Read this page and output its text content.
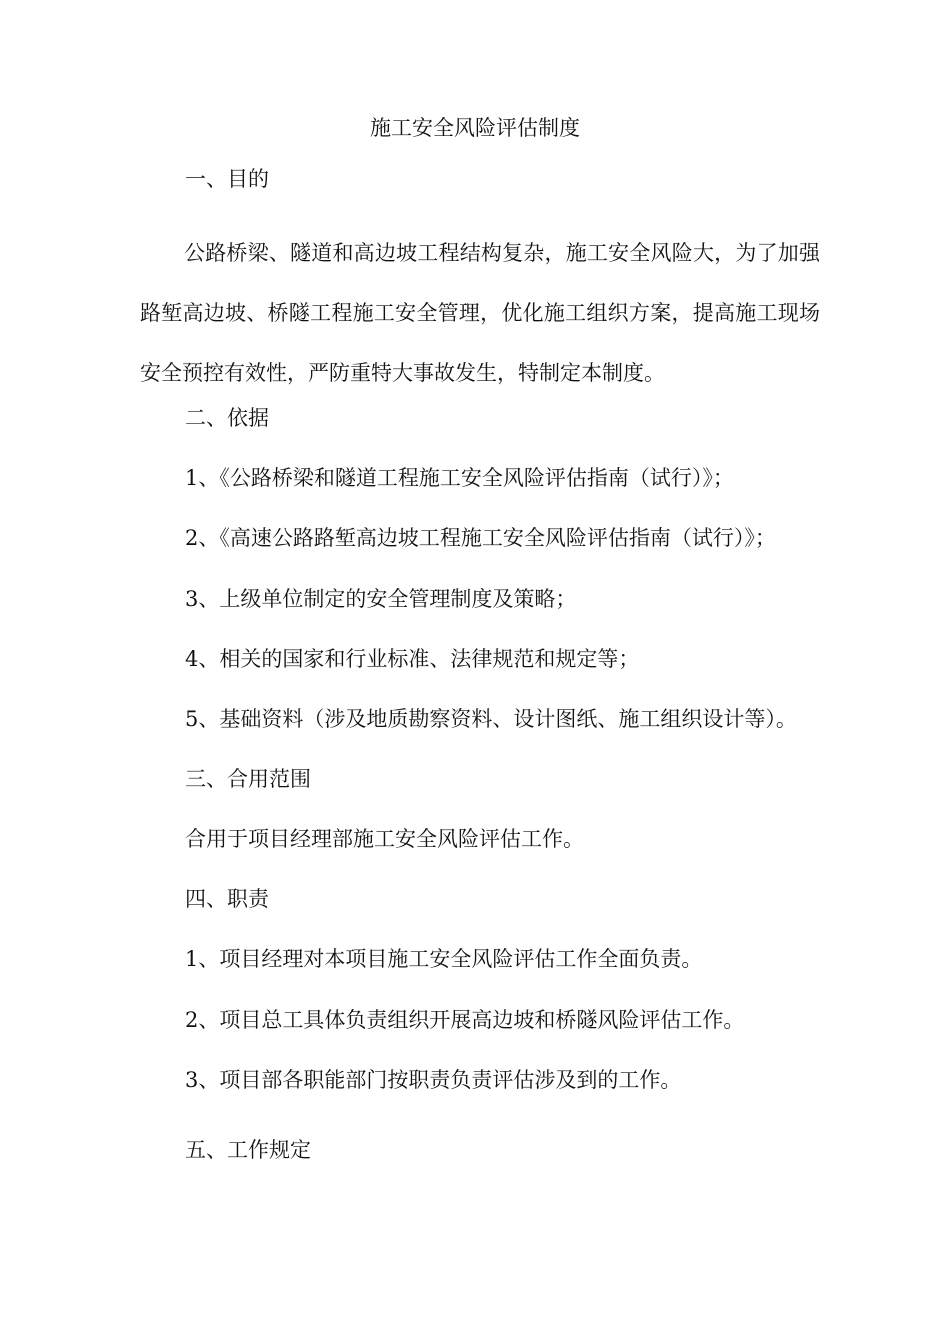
施工安全风险评估制度
一、目的

公路桥梁、隧道和高边坡工程结构复杂，施工安全风险大，为了加强路堑高边坡、桥隧工程施工安全管理，优化施工组织方案，提高施工现场安全预控有效性，严防重特大事故发生，特制定本制度。

二、依据
1、《公路桥梁和隧道工程施工安全风险评估指南（试行）》；
2、《高速公路路堑高边坡工程施工安全风险评估指南（试行）》；
3、上级单位制定的安全管理制度及策略；
4、相关的国家和行业标准、法律规范和规定等；
5、基础资料（涉及地质勘察资料、设计图纸、施工组织设计等）。
三、合用范围
合用于项目经理部施工安全风险评估工作。
四、职责
1、项目经理对本项目施工安全风险评估工作全面负责。
2、项目总工具体负责组织开展高边坡和桥隧风险评估工作。
3、项目部各职能部门按职责负责评估涉及到的工作。
五、工作规定
